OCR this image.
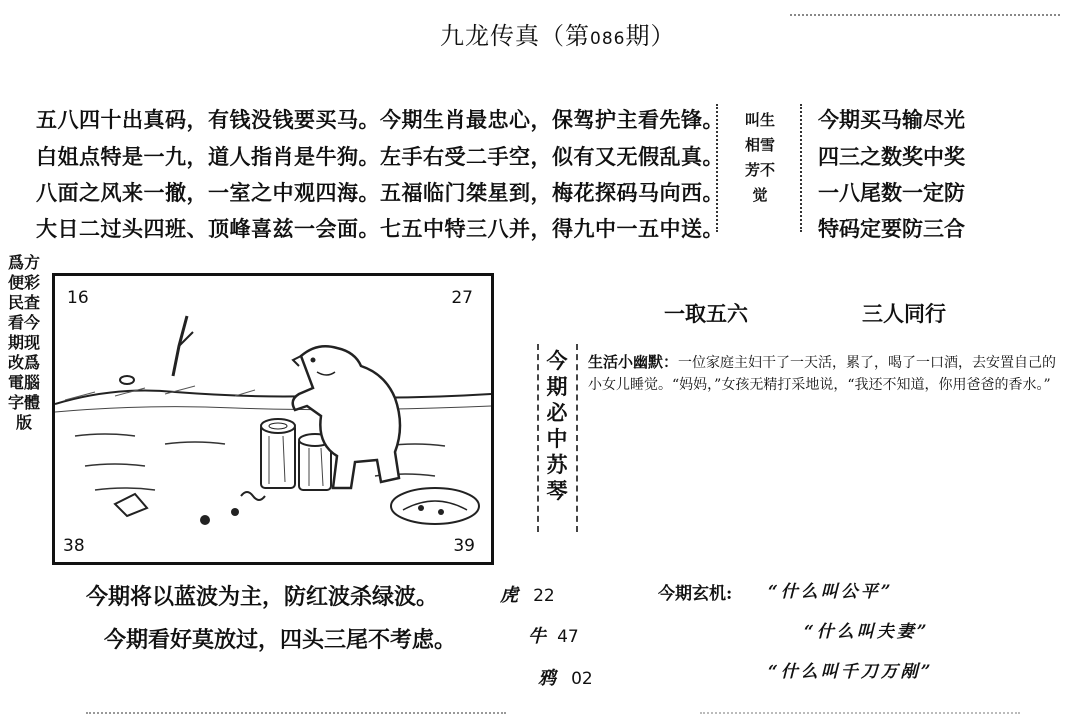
九龙传真（第086期）
五八四十出真码，有钱没钱要买马。今期生肖最忠心，保驾护主看先锋。
白姐点特是一九，道人指肖是牛狗。左手右受二手空，似有又无假乱真。
八面之风来一撤，一室之中观四海。五福临门桀星到，梅花探码马向西。
大日二过头四班、顶峰喜兹一会面。七五中特三八并，得九中一五中送。
叫生相雪芳不觉
今期买马输尽光
四三之数奖中奖
一八尾数一定防
特码定要防三合
爲方便彩民査看今期现改爲電腦字體版
16	27
38	39
一取五六	三人同行
今期必中苏琴
生活小幽默：一位家庭主妇干了一天活，累了，喝了一口酒，去安置自己的小女儿睡觉。“妈妈，”女孩无精打采地说，“我还不知道，你用爸爸的香水。”
今期将以蓝波为主，防红波杀绿波。
今期看好莫放过，四头三尾不考虑。
虎 22
牛 47
鸦 02
今期玄机: “什么叫公平”
“什么叫夫妻”
“什么叫千刀万剐”
